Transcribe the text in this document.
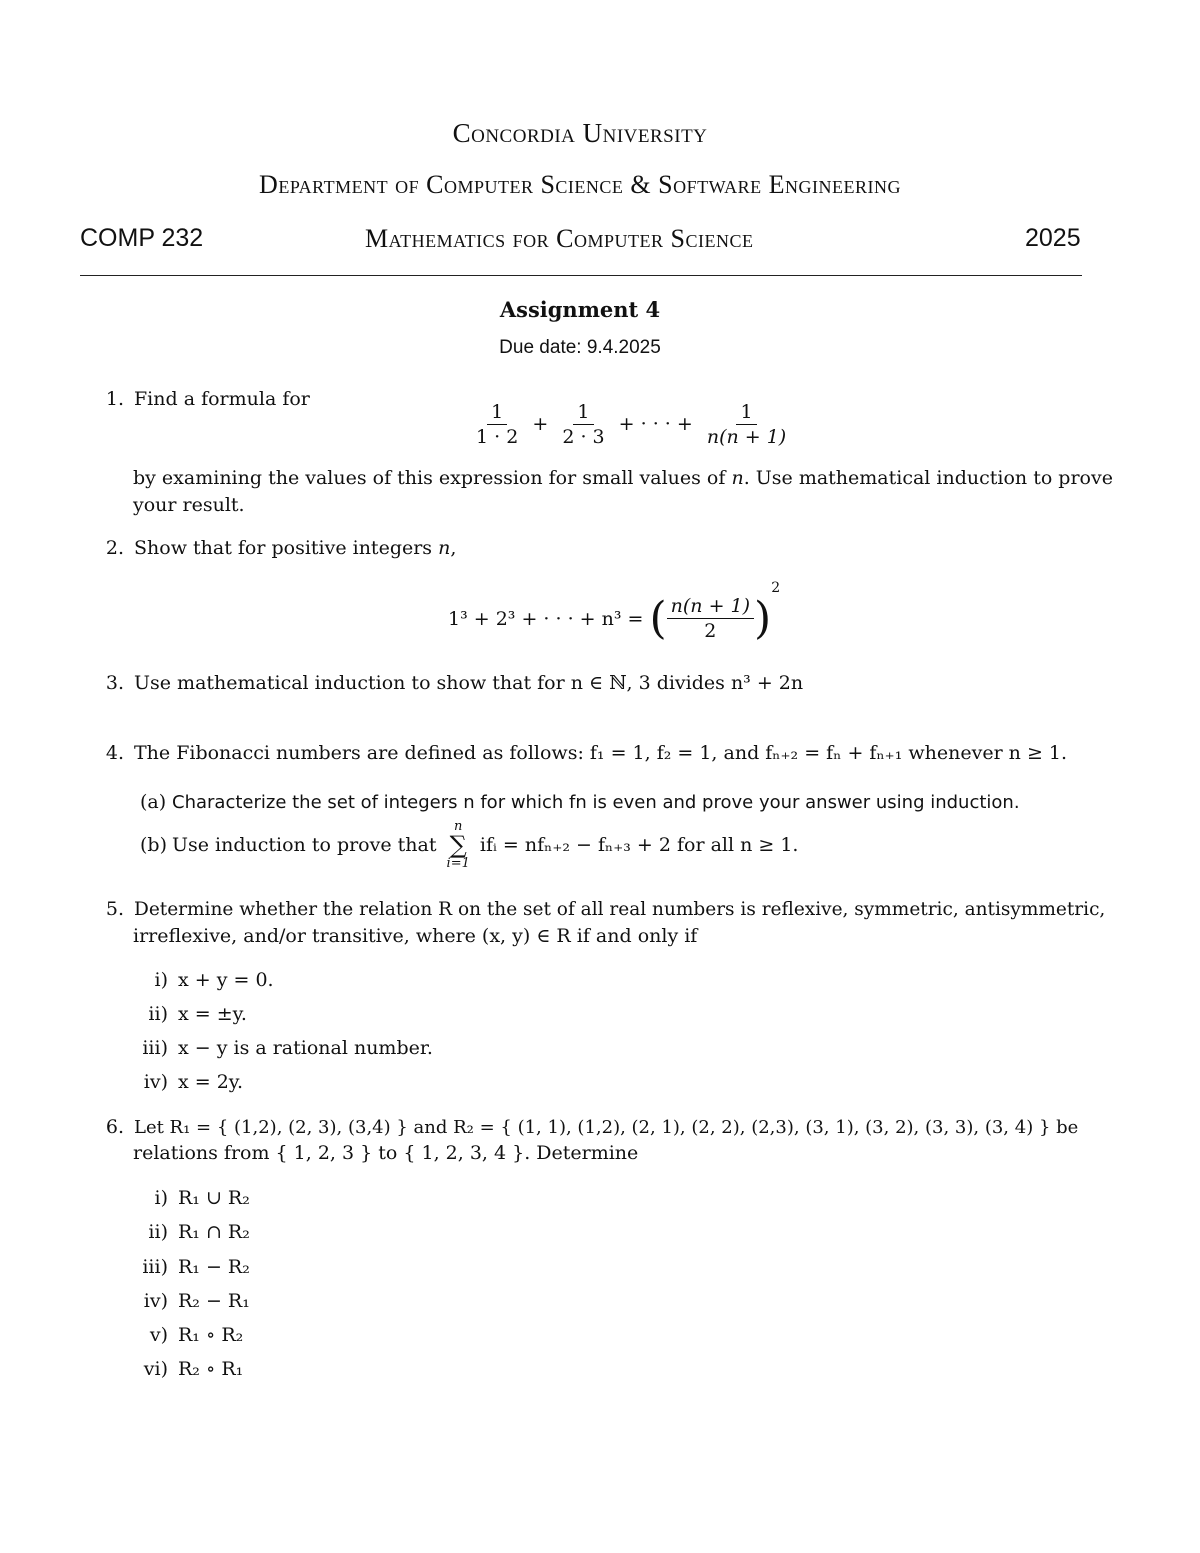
Concordia University
Department of Computer Science & Software Engineering
COMP 232	Mathematics for Computer Science	2025
Assignment 4
Due date: 9.4.2025
1. Find a formula for
$\frac{1}{1 \cdot 2} + \frac{1}{2 \cdot 3}$ + · · · + $\frac{1}{n(n + 1)}$
by examining the values of this expression for small values of n. Use mathematical induction to prove
your result.
2. Show that for positive integers n,
1³ + 2³ + · · · + n³ = ( $\frac{n(n + 1)}{2} )^2$
3. Use mathematical induction to show that for n ∈ ℕ, 3 divides n³ + 2n
4. The Fibonacci numbers are defined as follows: f₁ = 1, f₂ = 1, and fₙ₊₂ = fₙ + fₙ₊₁ whenever n ≥ 1.
(a) Characterize the set of integers n for which fn is even and prove your answer using induction.
(b) Use induction to prove that
n
∑
i=1
ifᵢ = nfₙ₊₂ − fₙ₊₃ + 2 for all n ≥ 1.
5. Determine whether the relation R on the set of all real numbers is reflexive, symmetric, antisymmetric,
irreflexive, and/or transitive, where (x, y) ∈ R if and only if
i) x + y = 0.
ii) x = ±y.
iii) x − y is a rational number.
iv) x = 2y.
6. Let R₁ = { (1,2), (2, 3), (3,4) } and R₂ = { (1, 1), (1,2), (2, 1), (2, 2), (2,3), (3, 1), (3, 2), (3, 3), (3, 4) } be
relations from { 1, 2, 3 } to { 1, 2, 3, 4 }. Determine
i) R₁ ∪ R₂
ii) R₁ ∩ R₂
iii) R₁ − R₂
iv) R₂ − R₁
v) R₁ ∘ R₂
vi) R₂ ∘ R₁
